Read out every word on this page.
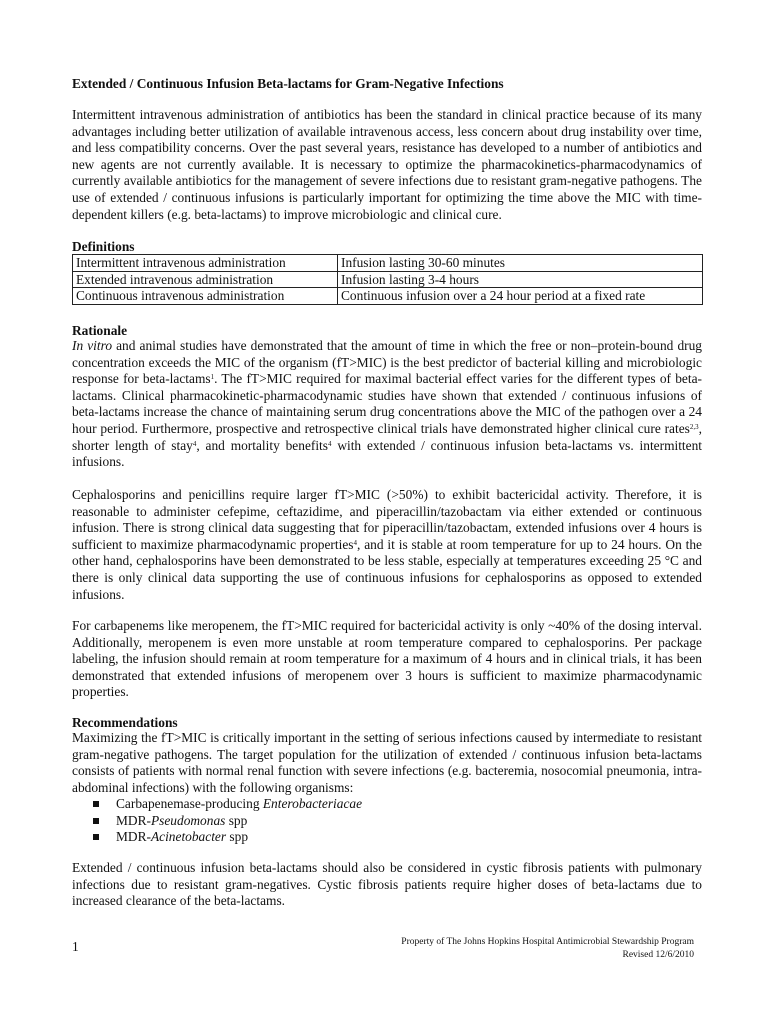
Extended / Continuous Infusion Beta-lactams for Gram-Negative Infections

Intermittent intravenous administration of antibiotics has been the standard in clinical practice because of its many advantages including better utilization of available intravenous access, less concern about drug instability over time, and less compatibility concerns. Over the past several years, resistance has developed to a number of antibiotics and new agents are not currently available. It is necessary to optimize the pharmacokinetics-pharmacodynamics of currently available antibiotics for the management of severe infections due to resistant gram-negative pathogens. The use of extended / continuous infusions is particularly important for optimizing the time above the MIC with time-dependent killers (e.g. beta-lactams) to improve microbiologic and clinical cure.

Definitions
Intermittent intravenous administration	Infusion lasting 30-60 minutes
Extended intravenous administration	Infusion lasting 3-4 hours
Continuous intravenous administration	Continuous infusion over a 24 hour period at a fixed rate
Rationale

In vitro and animal studies have demonstrated that the amount of time in which the free or non–protein-bound drug concentration exceeds the MIC of the organism (fT>MIC) is the best predictor of bacterial killing and microbiologic response for beta-lactams$^1$. The fT>MIC required for maximal bacterial effect varies for the different types of beta-lactams. Clinical pharmacokinetic-pharmacodynamic studies have shown that extended / continuous infusions of beta-lactams increase the chance of maintaining serum drug concentrations above the MIC of the pathogen over a 24 hour period. Furthermore, prospective and retrospective clinical trials have demonstrated higher clinical cure rates$^{2,3}$, shorter length of stay$^4$, and mortality benefits$^4$ with extended / continuous infusion beta-lactams vs. intermittent infusions.

Cephalosporins and penicillins require larger fT>MIC (>50%) to exhibit bactericidal activity. Therefore, it is reasonable to administer cefepime, ceftazidime, and piperacillin/tazobactam via either extended or continuous infusion. There is strong clinical data suggesting that for piperacillin/tazobactam, extended infusions over 4 hours is sufficient to maximize pharmacodynamic properties$^4$, and it is stable at room temperature for up to 24 hours. On the other hand, cephalosporins have been demonstrated to be less stable, especially at temperatures exceeding 25 °C and there is only clinical data supporting the use of continuous infusions for cephalosporins as opposed to extended infusions.

For carbapenems like meropenem, the fT>MIC required for bactericidal activity is only ~40% of the dosing interval. Additionally, meropenem is even more unstable at room temperature compared to cephalosporins. Per package labeling, the infusion should remain at room temperature for a maximum of 4 hours and in clinical trials, it has been demonstrated that extended infusions of meropenem over 3 hours is sufficient to maximize pharmacodynamic properties.

Recommendations

Maximizing the fT>MIC is critically important in the setting of serious infections caused by intermediate to resistant gram-negative pathogens. The target population for the utilization of extended / continuous infusion beta-lactams consists of patients with normal renal function with severe infections (e.g. bacteremia, nosocomial pneumonia, intra-abdominal infections) with the following organisms:

Carbapenemase-producing Enterobacteriacae
MDR-Pseudomonas spp
MDR-Acinetobacter spp

Extended / continuous infusion beta-lactams should also be considered in cystic fibrosis patients with pulmonary infections due to resistant gram-negatives. Cystic fibrosis patients require higher doses of beta-lactams due to increased clearance of the beta-lactams.

1	Property of The Johns Hopkins Hospital Antimicrobial Stewardship Program
Revised 12/6/2010
